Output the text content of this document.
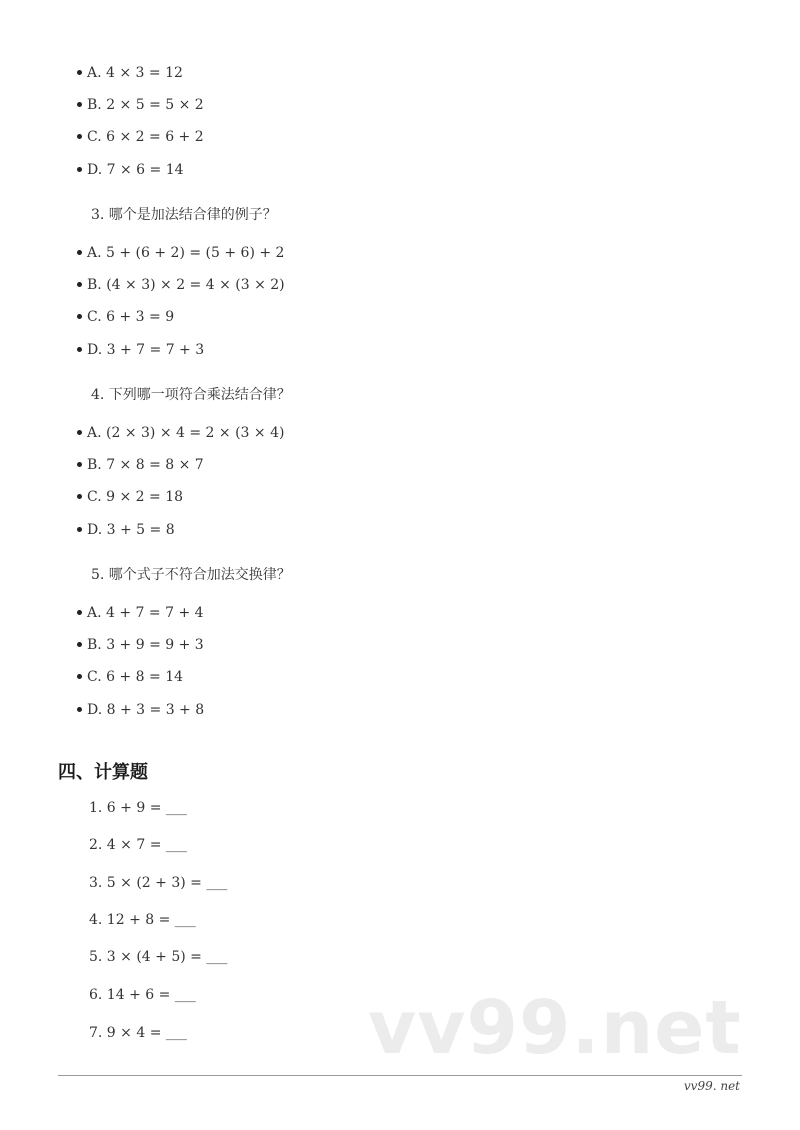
A. 4 × 3 = 12
B. 2 × 5 = 5 × 2
C. 6 × 2 = 6 + 2
D. 7 × 6 = 14
3. 哪个是加法结合律的例子？
A. 5 + (6 + 2) = (5 + 6) + 2
B. (4 × 3) × 2 = 4 × (3 × 2)
C. 6 + 3 = 9
D. 3 + 7 = 7 + 3
4. 下列哪一项符合乘法结合律？
A. (2 × 3) × 4 = 2 × (3 × 4)
B. 7 × 8 = 8 × 7
C. 9 × 2 = 18
D. 3 + 5 = 8
5. 哪个式子不符合加法交换律？
A. 4 + 7 = 7 + 4
B. 3 + 9 = 9 + 3
C. 6 + 8 = 14
D. 8 + 3 = 3 + 8
四、计算题
1. 6 + 9 = ___
2. 4 × 7 = ___
3. 5 × (2 + 3) = ___
4. 12 + 8 = ___
5. 3 × (4 + 5) = ___
6. 14 + 6 = ___
7. 9 × 4 = ___ vv99.net
vv99. net
